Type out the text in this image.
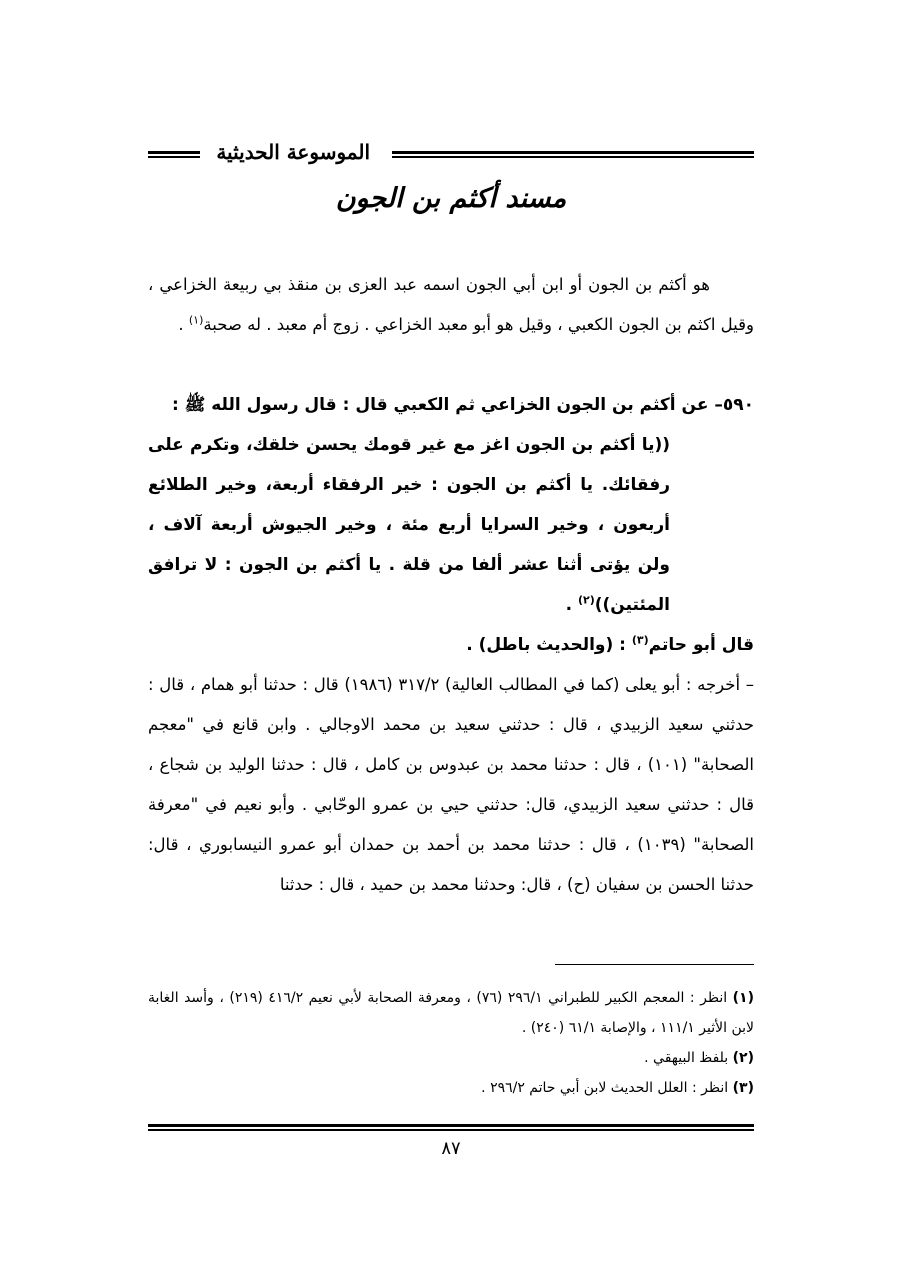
الموسوعة الحديثية
مسند أكثم بن الجون
هو أكثم بن الجون أو ابن أبي الجون اسمه عبد العزى بن منقذ بي ربيعة الخزاعي ، وقيل اكثم بن الجون الكعبي ، وقيل هو أبو معبد الخزاعي . زوج أم معبد . له صحبة$^{(١)}$ .

٥٩٠– عن أكثم بن الجون الخزاعي ثم الكعبي قال : قال رسول الله ﷺ :

((يا أكثم بن الجون اغز مع غير قومك يحسن خلقك، وتكرم على رفقائك. يا أكثم بن الجون : خير الرفقاء أربعة، وخير الطلائع أربعون ، وخير السرايا أربع مئة ، وخير الجيوش أربعة آلاف ، ولن يؤتى أثنا عشر ألفا من قلة . يا أكثم بن الجون : لا ترافق المئتين))$^{(٢)}$ .

قال أبو حاتم$^{(٣)}$ : (والحديث باطل) .

– أخرجه : أبو يعلى (كما في المطالب العالية) ٣١٧/٢ (١٩٨٦) قال : حدثنا أبو همام ، قال : حدثني سعيد الزبيدي ، قال : حدثني سعيد بن محمد الاوجالي . وابن قانع في "معجم الصحابة" (١٠١) ، قال : حدثنا محمد بن عبدوس بن كامل ، قال : حدثنا الوليد بن شجاع ، قال : حدثني سعيد الزبيدي، قال: حدثني حيي بن عمرو الوحّابي . وأبو نعيم في "معرفة الصحابة" (١٠٣٩) ، قال : حدثنا محمد بن أحمد بن حمدان أبو عمرو النيسابوري ، قال: حدثنا الحسن بن سفيان (ح) ، قال: وحدثنا محمد بن حميد ، قال : حدثنا

(١) انظر : المعجم الكبير للطبراني ٢٩٦/١ (٧٦) ، ومعرفة الصحابة لأبي نعيم ٤١٦/٢ (٢١٩) ، وأسد الغابة لابن الأثير ١١١/١ ، والإصابة ٦١/١ (٢٤٠) .

(٢) بلفظ البيهقي .

(٣) انظر : العلل الحديث لابن أبي حاتم ٢٩٦/٢ .

٨٧
